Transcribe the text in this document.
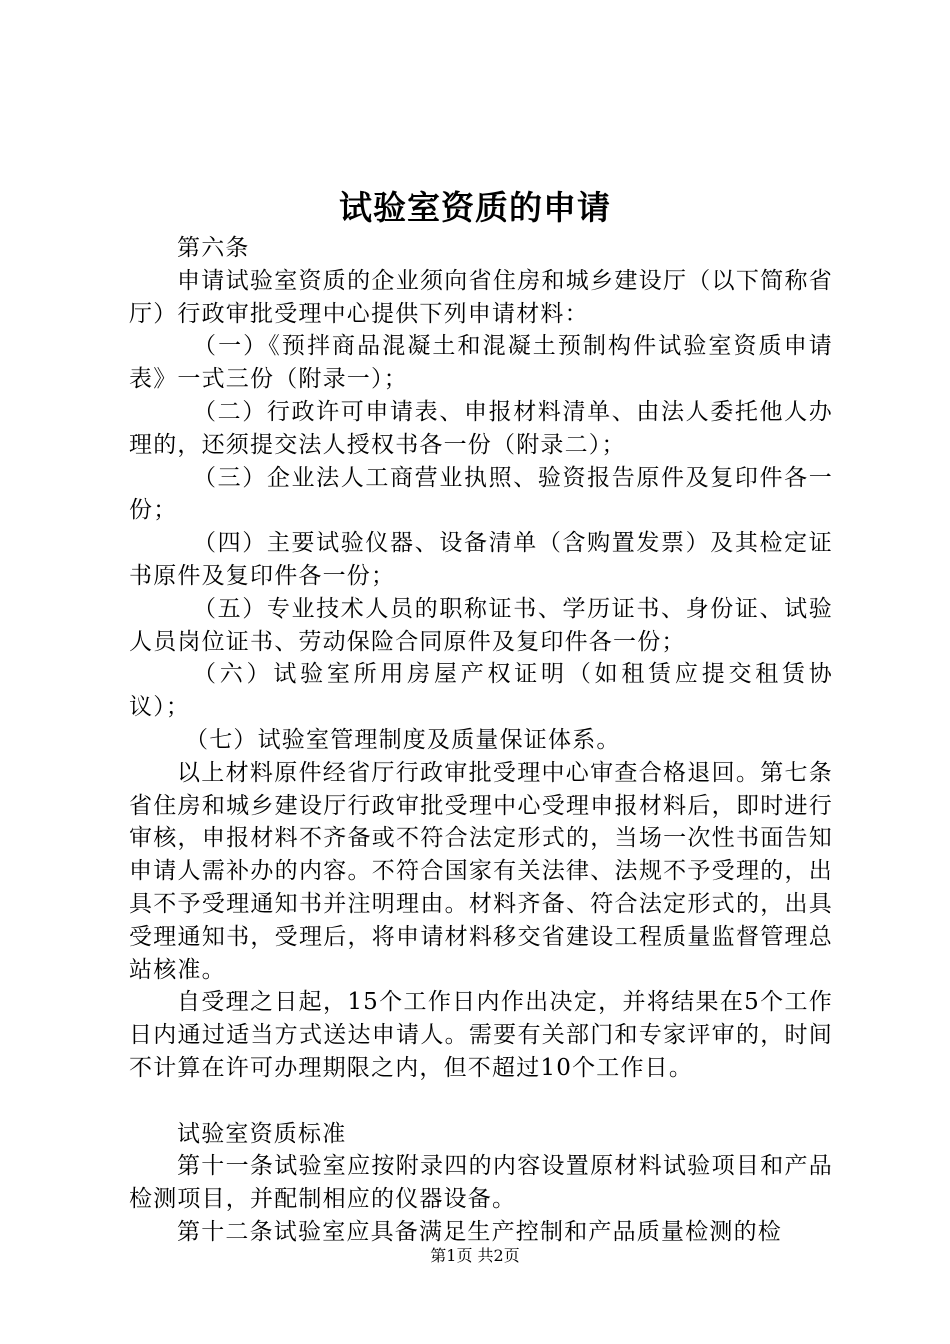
试验室资质的申请

第六条

申请试验室资质的企业须向省住房和城乡建设厅（以下简称省厅）行政审批受理中心提供下列申请材料：

（一）《预拌商品混凝土和混凝土预制构件试验室资质申请表》一式三份（附录一）；

（二）行政许可申请表、申报材料清单、由法人委托他人办理的，还须提交法人授权书各一份（附录二）；

（三）企业法人工商营业执照、验资报告原件及复印件各一份；

（四）主要试验仪器、设备清单（含购置发票）及其检定证书原件及复印件各一份；

（五）专业技术人员的职称证书、学历证书、身份证、试验人员岗位证书、劳动保险合同原件及复印件各一份；

（六）试验室所用房屋产权证明（如租赁应提交租赁协议）；

（七）试验室管理制度及质量保证体系。

以上材料原件经省厅行政审批受理中心审查合格退回。第七条省住房和城乡建设厅行政审批受理中心受理申报材料后，即时进行审核，申报材料不齐备或不符合法定形式的，当场一次性书面告知申请人需补办的内容。不符合国家有关法律、法规不予受理的，出具不予受理通知书并注明理由。材料齐备、符合法定形式的，出具受理通知书，受理后，将申请材料移交省建设工程质量监督管理总站核准。

自受理之日起，15个工作日内作出决定，并将结果在5个工作日内通过适当方式送达申请人。需要有关部门和专家评审的，时间不计算在许可办理期限之内，但不超过10个工作日。

试验室资质标准

第十一条试验室应按附录四的内容设置原材料试验项目和产品检测项目，并配制相应的仪器设备。

第十二条试验室应具备满足生产控制和产品质量检测的检

第1页 共2页
